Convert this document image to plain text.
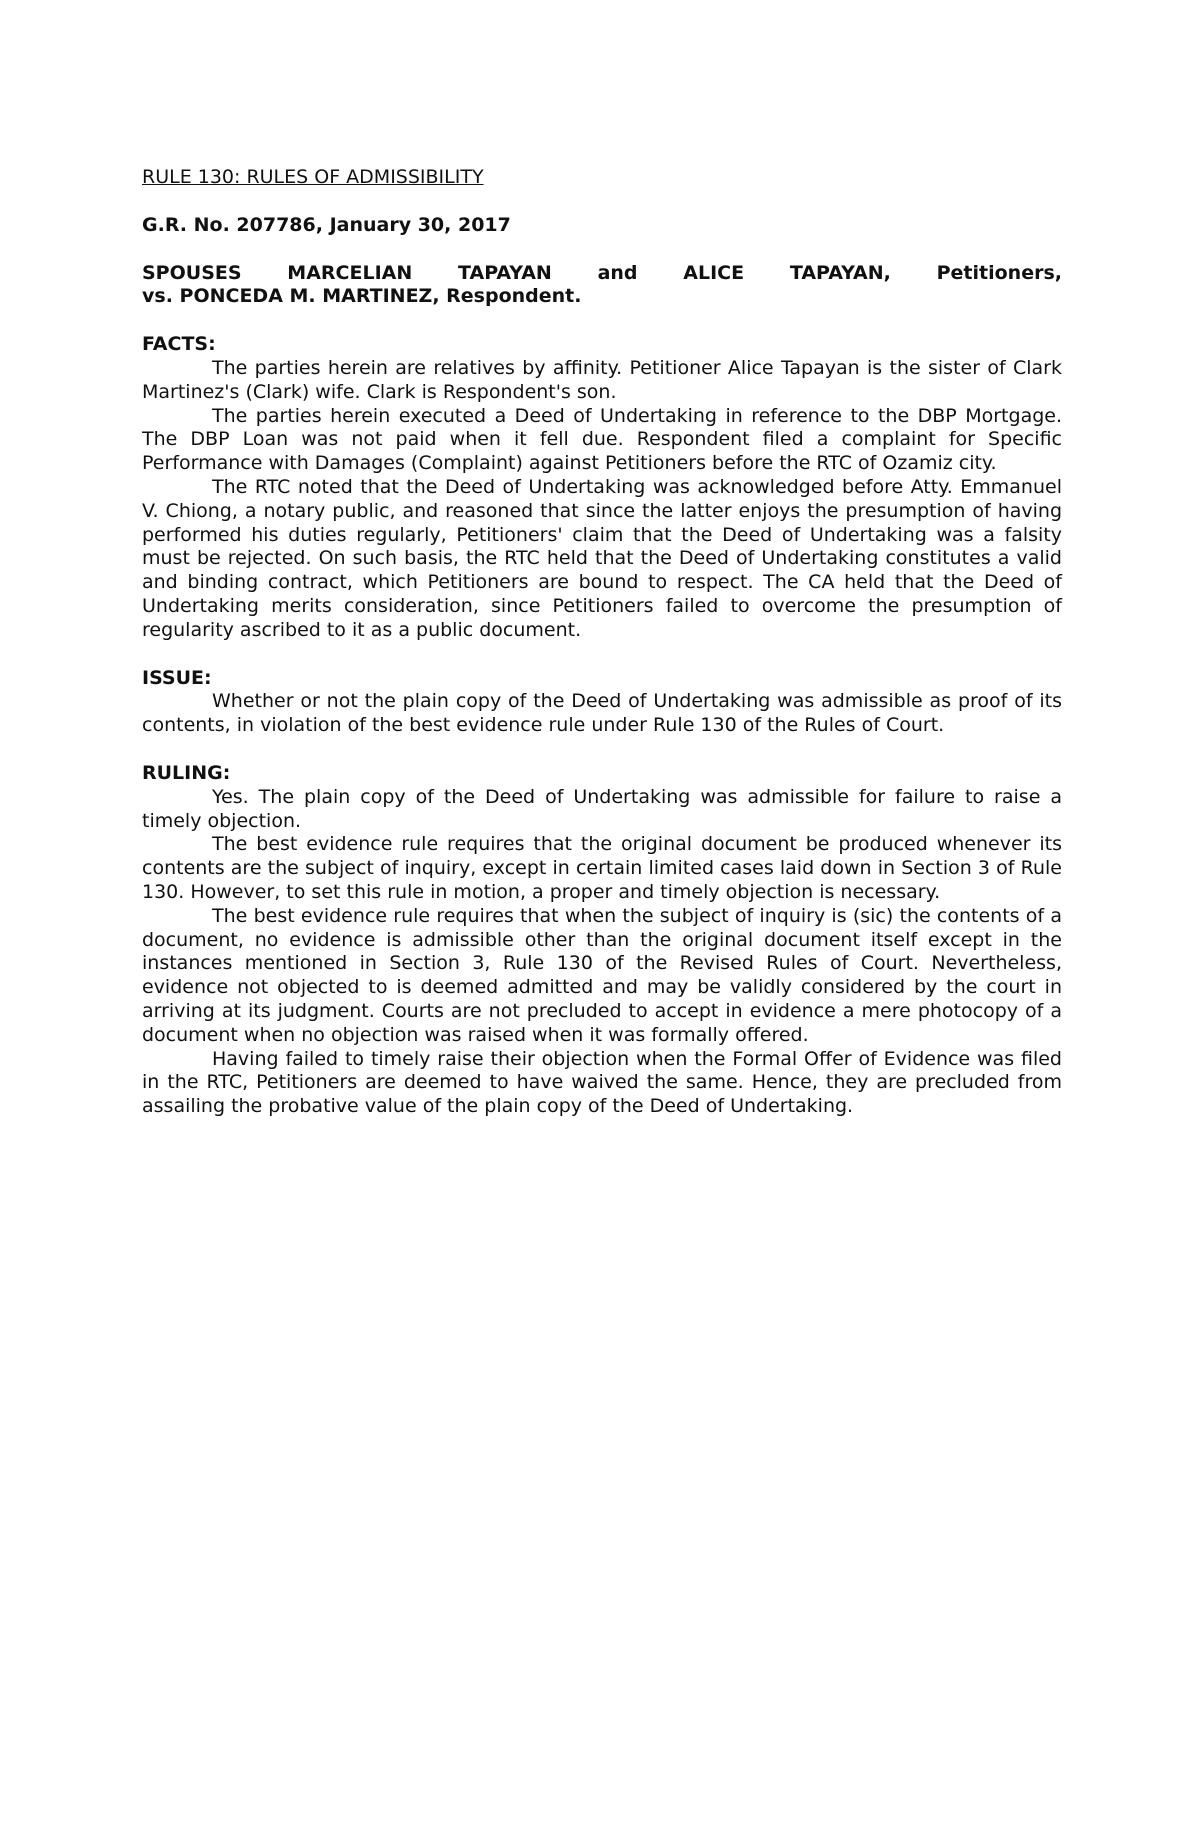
RULE 130: RULES OF ADMISSIBILITY
G.R. No. 207786, January 30, 2017
SPOUSES MARCELIAN TAPAYAN and ALICE TAPAYAN, Petitioners,
vs. PONCEDA M. MARTINEZ, Respondent.
FACTS:

The parties herein are relatives by affinity. Petitioner Alice Tapayan is the sister of Clark Martinez's (Clark) wife. Clark is Respondent's son.

The parties herein executed a Deed of Undertaking in reference to the DBP Mortgage. The DBP Loan was not paid when it fell due. Respondent filed a complaint for Specific Performance with Damages (Complaint) against Petitioners before the RTC of Ozamiz city.

The RTC noted that the Deed of Undertaking was acknowledged before Atty. Emmanuel V. Chiong, a notary public, and reasoned that since the latter enjoys the presumption of having performed his duties regularly, Petitioners' claim that the Deed of Undertaking was a falsity must be rejected. On such basis, the RTC held that the Deed of Undertaking constitutes a valid and binding contract, which Petitioners are bound to respect. The CA held that the Deed of Undertaking merits consideration, since Petitioners failed to overcome the presumption of regularity ascribed to it as a public document.

ISSUE:

Whether or not the plain copy of the Deed of Undertaking was admissible as proof of its contents, in violation of the best evidence rule under Rule 130 of the Rules of Court.

RULING:

Yes. The plain copy of the Deed of Undertaking was admissible for failure to raise a timely objection.

The best evidence rule requires that the original document be produced whenever its contents are the subject of inquiry, except in certain limited cases laid down in Section 3 of Rule 130. However, to set this rule in motion, a proper and timely objection is necessary.

The best evidence rule requires that when the subject of inquiry is (sic) the contents of a document, no evidence is admissible other than the original document itself except in the instances mentioned in Section 3, Rule 130 of the Revised Rules of Court. Nevertheless, evidence not objected to is deemed admitted and may be validly considered by the court in arriving at its judgment. Courts are not precluded to accept in evidence a mere photocopy of a document when no objection was raised when it was formally offered.

Having failed to timely raise their objection when the Formal Offer of Evidence was filed in the RTC, Petitioners are deemed to have waived the same. Hence, they are precluded from assailing the probative value of the plain copy of the Deed of Undertaking.
